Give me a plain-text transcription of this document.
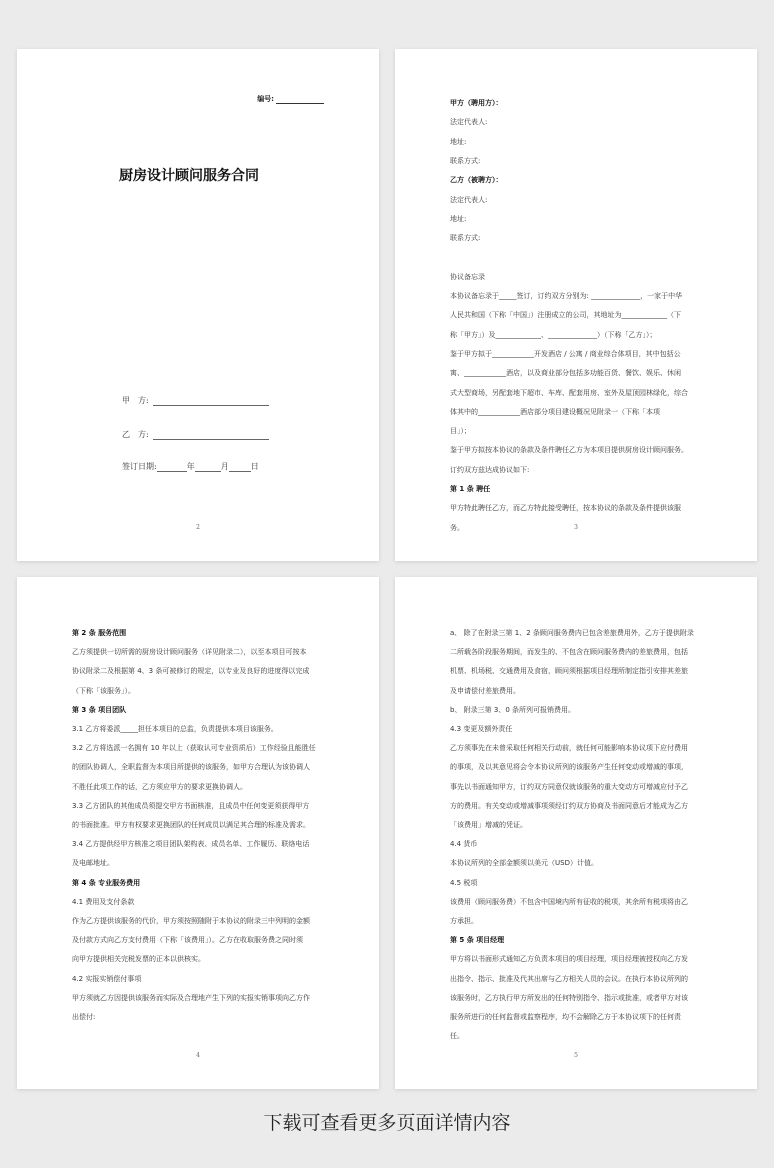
编号:
厨房设计顾问服务合同
甲　方:
乙　方:
签订日期:	年	月	日
2
甲方（聘用方）：
法定代表人:
地址:
联系方式:
乙方（被聘方）：
法定代表人:
地址:
联系方式:
协议备忘录
本协议备忘录于_____签订，订约双方分别为: ______________，一家于中华
人民共和国（下称「中国」）注册成立的公司，其地址为_____________（下
称「甲方」）及_____________、______________）（下称「乙方」）；
鉴于甲方拟于____________开发酒店 / 公寓 / 商业综合体项目，其中包括公
寓、____________酒店，以及商业部分包括多功能百货、餐饮、娱乐、休闲
式大型商场，另配套地下超市、车库、配套用房、室外及屋顶园林绿化，综合
体其中的____________酒店部分项目建设概况见附录一（下称「本项
目」）；
鉴于甲方拟按本协议的条款及条件聘任乙方为本项目提供厨房设计顾问服务。
订约双方兹达成协议如下:
第 1 条 聘任
甲方特此聘任乙方，而乙方特此接受聘任，按本协议的条款及条件提供该服
务。	3
第 2 条 服务范围
乙方须提供一切所需的厨房设计顾问服务（详见附录二），以至本项目可按本
协议附录二及根据第 4、3 条可被修订的规定，以专业及良好的进度得以完成
（下称「该服务」）。
第 3 条 项目团队
3.1 乙方将委派_____担任本项目的总监，负责提供本项目该服务。
3.2 乙方将选派一名拥有 10 年以上（获取认可专业资质后）工作经验且能胜任
的团队协调人，全职监督为本项目所提供的该服务，如甲方合理认为该协调人
不胜任此项工作的话，乙方须应甲方的要求更换协调人。
3.3 乙方团队的其他成员须提交甲方书面核准，且成员中任何变更须获得甲方
的书面批准。甲方有权要求更换团队的任何成员以满足其合理的标准及需求。
3.4 乙方提供经甲方核准之项目团队架构表、成员名单、工作履历、联络电话
及电邮地址。
第 4 条 专业服务费用
4.1 费用及支付条款
作为乙方提供该服务的代价，甲方须按照随附于本协议的附录三中列明的金额
及付款方式向乙方支付费用（下称「该费用」）。乙方在收取服务费之同时须
向甲方提供相关完税发票的正本以供核实。
4.2 实报实销偿付事项
甲方须就乙方因提供该服务而实际及合理地产生下列的实报实销事项向乙方作
出偿付:
4
a、 除了在附录三第 1、2 条顾问服务费内已包含差旅费用外，乙方于提供附录
二所载各阶段服务期间，而发生的、不包含在顾问服务费内的差旅费用，包括
机票、机场税、交通费用及食宿，顾问须根据项目经理所制定指引安排其差旅
及申请偿付差旅费用。
b、 附录三第 3、0 条所列可报销费用。
4.3 变更及额外责任
乙方须事先在未曾采取任何相关行动前，就任何可能影响本协议项下应付费用
的事项，及以其意见将会令本协议所列的该服务产生任何变动或增减的事项，
事先以书面通知甲方，订约双方同意仅就该服务的重大变动方可增减应付予乙
方的费用。有关变动或增减事项须经订约双方协商及书面同意后才能成为乙方
「该费用」增减的凭证。
4.4 货币
本协议所列的全部金额须以美元（USD）计值。
4.5 税项
该费用（顾问服务费）不包含中国境内所有征收的税项，其余所有税项将由乙
方承担。
第 5 条 项目经理
甲方将以书面形式通知乙方负责本项目的项目经理，项目经理被授权向乙方发
出指令、指示、批准及代其出席与乙方相关人员的会议。在执行本协议所列的
该服务时，乙方执行甲方所发出的任何特别指令、指示或批准，或者甲方对该
服务所进行的任何监督或监察程序，均不会解除乙方于本协议项下的任何责
任。
5
下载可查看更多页面详情内容
